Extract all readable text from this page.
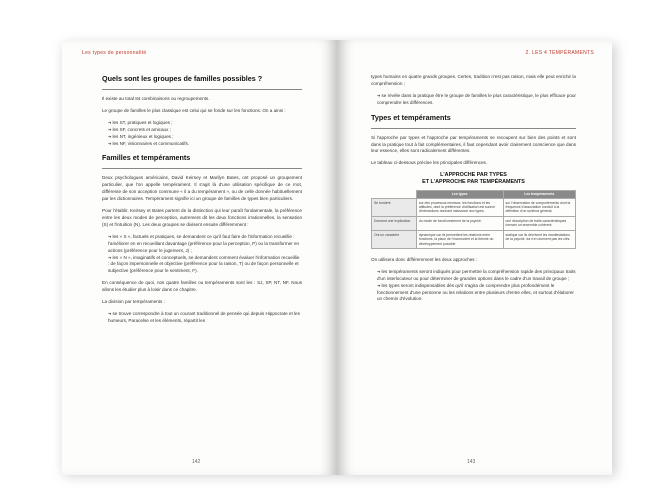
Les types de personnalité
Quels sont les groupes de familles possibles ?

Il existe au total 84 combinaisons ou regroupements.

Le groupe de familles le plus classique est celui qui se fonde sur les fonctions. On a ainsi :

➔ les ST, pratiques et logiques ;
➔ les SF, concrets et amicaux ;
➔ les NT, ingénieux et logiques ;
➔ les NF, visionnaires et communicatifs.
Familles et tempéraments

Deux psychologues américains, David Keirsey et Marilyn Bates, ont proposé un groupement particulier, que l'on appelle tempérament. Il s'agit là d'une utilisation spécifique de ce mot, différente de son acception commune « il a du tempérament », ou de celle donnée habituellement par les dictionnaires. Tempérament signifie ici un groupe de familles de types bien particuliers.

Pour l'établir, Keirsey et Bates partent de la distinction qui leur paraît fondamentale, la préférence entre les deux modes de perception, autrement dit les deux fonctions irrationnelles, la sensation (S) et l'intuition (N). Les deux groupes se divisent ensuite différemment :

➔ les « S », factuels et pratiques, se demandent ce qu'il faut faire de l'information recueillie : l'améliorer en en recueillant davantage (préférence pour la perception, P) ou la transformer en actions (préférence pour le jugement, J) ;
➔ les « N », imaginatifs et conceptuels, se demandent comment évaluer l'information recueillie : de façon impersonnelle et objective (préférence pour la raison, T) ou de façon personnelle et subjective (préférence pour le sentiment, F).

En conséquence de quoi, nos quatre familles ou tempéraments sont les : SJ, SP, NT, NF. Nous allons les étudier plus à loisir dans ce chapitre.

La division par tempéraments :

➔ se trouve correspondre à tout un courant traditionnel de pensée qui depuis Hippocrate et les humeurs, Paracelse et les éléments, répartit les
142
2. LES 4 TEMPÉRAMENTS

types humains en quatre grands groupes. Certes, tradition n'est pas raison, mais elle peut enrichir la compréhension ;

➔ se révèle dans la pratique être le groupe de familles le plus caractéristique, le plus efficace pour comprendre les différences.
Types et tempéraments

Si l'approche par types et l'approche par tempéraments se recoupent sur bien des points et sont dans la pratique tout à fait complémentaires, il faut cependant avoir clairement conscience que dans leur essence, elles sont radicalement différentes.

Le tableau ci-dessous précise les principales différences.

L'APPROCHE PAR TYPES
ET L'APPROCHE PAR TEMPÉRAMENTS
	Les types	Les tempéraments
Se fondent	sur des processus mentaux, les fonctions et les attitudes, dont la préférence d'utilisation est source d'interactions donnant naissance aux types.	sur l'observation de comportements dont la fréquence d'association conduit à la définition d'un schéma général.
Donnent une explication	du mode de fonctionnement de la psyché.	une description de traits caractéristiques formant un ensemble cohérent.
Ont un caractère	dynamique car ils permettent les relations entre fonctions, la place de l'inconscient et la théorie du développement possible.	statique car ils décrivent les manifestations de la psyché, da n'en donnent pas les clés.

On utilisera donc différemment les deux approches :

➔ les tempéraments seront indiqués pour permettre la compréhension rapide des principaux traits d'un interlocuteur ou pour déterminer de grandes options dans le cadre d'un travail de groupe ;
➔ les types seront indispensables dès qu'il s'agira de comprendre plus profondément le fonctionnement d'une personne ou les relations entre plusieurs d'entre elles, et surtout d'élaborer un chemin d'évolution.
143
